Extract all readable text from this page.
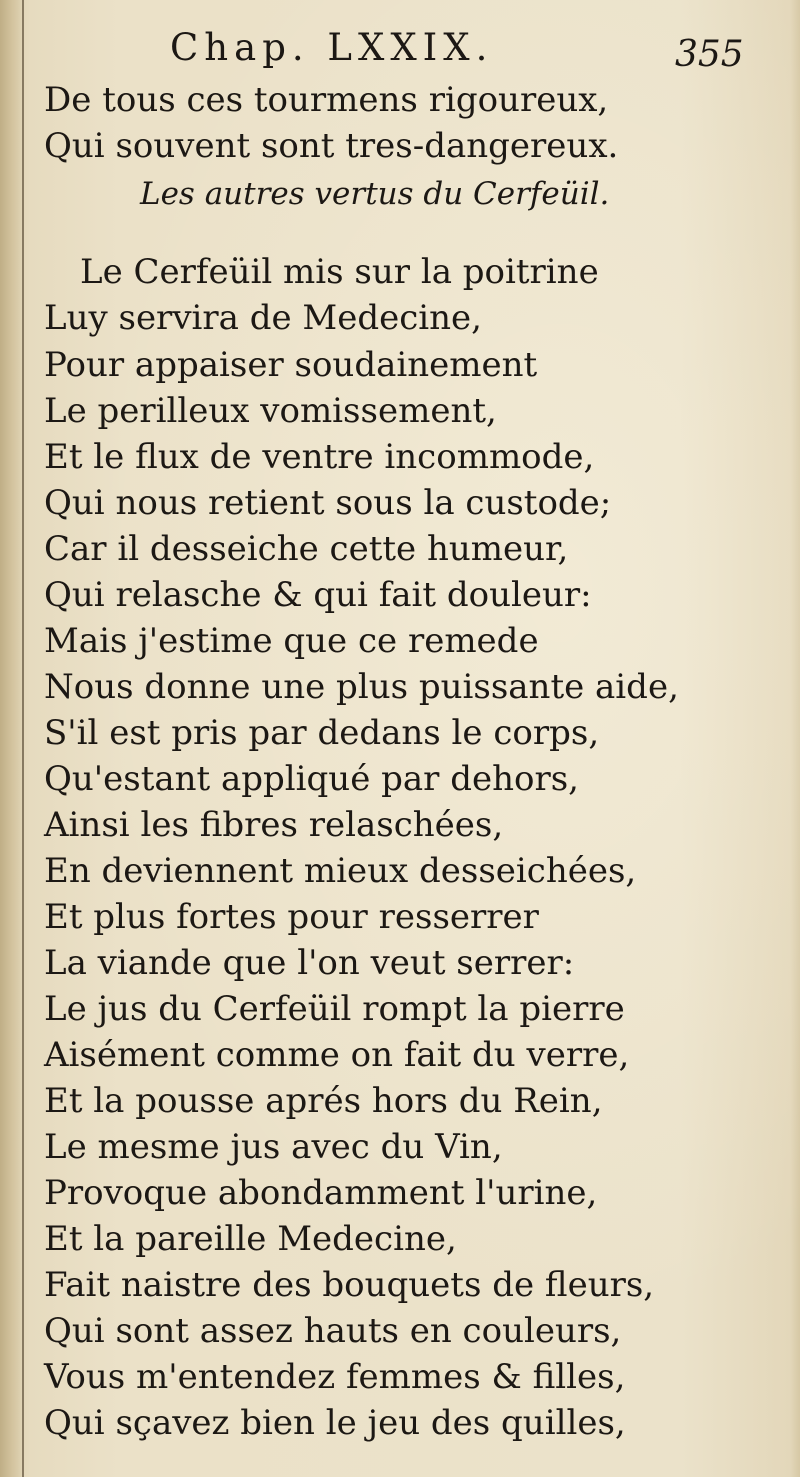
Chap. LXXIX.	355
De tous ces tourmens rigoureux,
Qui souvent sont tres-dangereux.
Les autres vertus du Cerfeüil.
Le Cerfeüil mis sur la poitrine
Luy servira de Medecine,
Pour appaiser soudainement
Le perilleux vomissement,
Et le flux de ventre incommode,
Qui nous retient sous la custode;
Car il desseiche cette humeur,
Qui relasche & qui fait douleur:
Mais j'estime que ce remede
Nous donne une plus puissante aide,
S'il est pris par dedans le corps,
Qu'estant appliqué par dehors,
Ainsi les fibres relaschées,
En deviennent mieux desseichées,
Et plus fortes pour resserrer
La viande que l'on veut serrer:
Le jus du Cerfeüil rompt la pierre
Aisément comme on fait du verre,
Et la pousse aprés hors du Rein,
Le mesme jus avec du Vin,
Provoque abondamment l'urine,
Et la pareille Medecine,
Fait naistre des bouquets de fleurs,
Qui sont assez hauts en couleurs,
Vous m'entendez femmes & filles,
Qui sçavez bien le jeu des quilles,
